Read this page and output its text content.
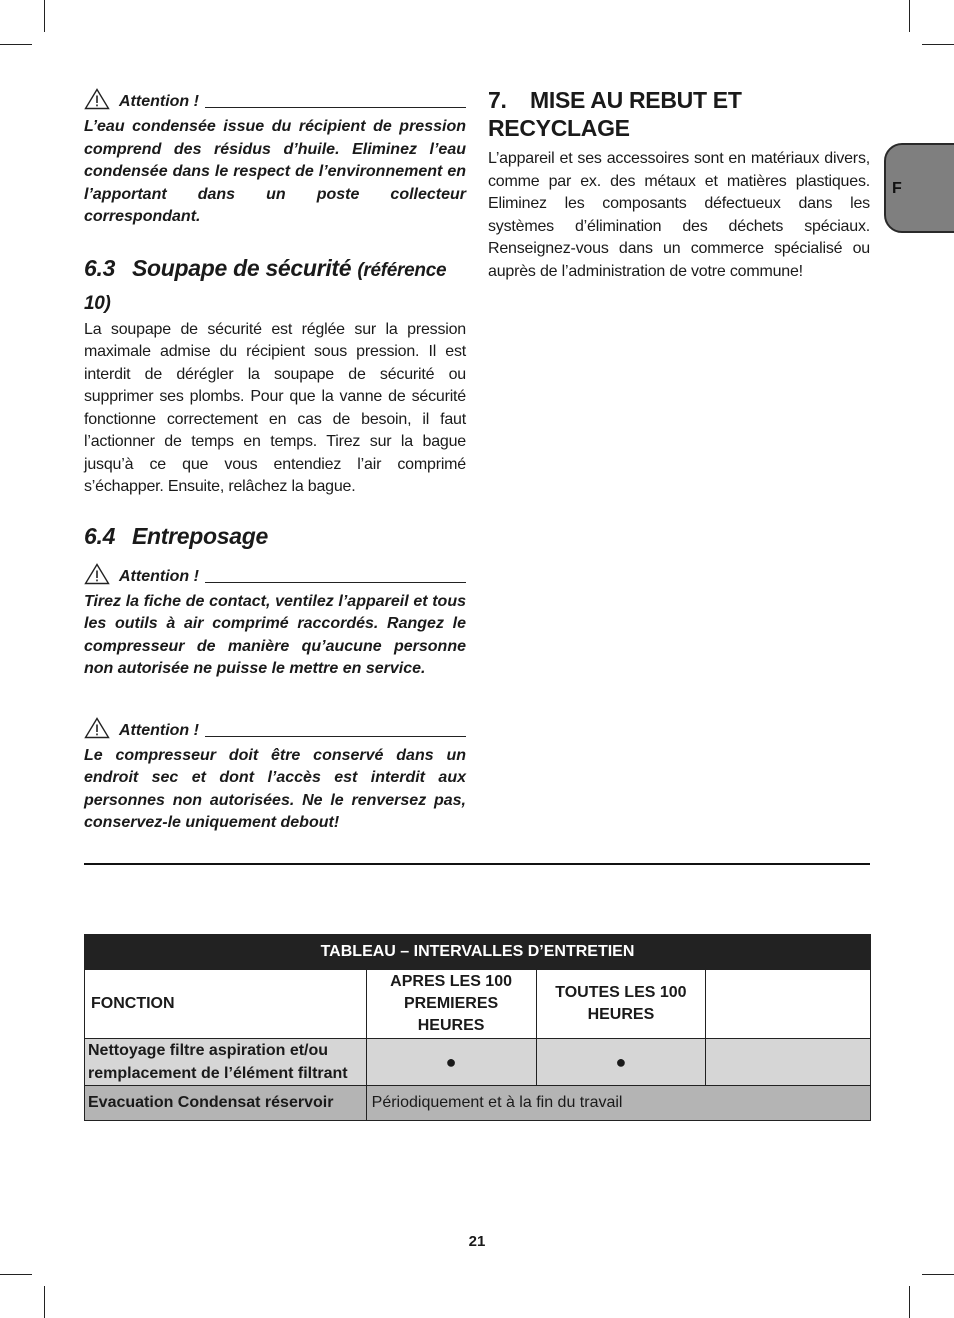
Attention !

L’eau condensée issue du récipient de pression comprend des résidus d’huile. Eliminez l’eau condensée dans le respect de l’environnement en l’apportant dans un poste collecteur correspondant.

6.3 Soupape de sécurité (référence 10)

La soupape de sécurité est réglée sur la pression maximale admise du récipient sous pression. Il est interdit de dérégler la soupape de sécurité ou supprimer ses plombs. Pour que la vanne de sécurité fonctionne correctement en cas de besoin, il faut l’actionner de temps en temps. Tirez sur la bague jusqu’à ce que vous entendiez l’air comprimé s’échapper. Ensuite, relâchez la bague.

6.4 Entreposage
Attention !

Tirez la fiche de contact, ventilez l’appareil et tous les outils à air comprimé raccordés. Rangez le compresseur de manière qu’aucune personne non autorisée ne puisse le mettre en service.

Attention !

Le compresseur doit être conservé dans un endroit sec et dont l’accès est interdit aux personnes non autorisées. Ne le renversez pas, conservez-le uniquement debout!

7. MISE AU REBUT ET RECYCLAGE

L’appareil et ses accessoires sont en matériaux divers, comme par ex. des métaux et matières plastiques. Eliminez les composants défectueux dans les systèmes d’élimination des déchets spéciaux. Renseignez-vous dans un commerce spécialisé ou auprès de l’administration de votre commune!

F
TABLEAU – INTERVALLES D’ENTRETIEN			
FONCTION	APRES LES 100 PREMIERES HEURES	TOUTES LES 100 HEURES	
Nettoyage filtre aspiration et/ou remplacement de l’élément filtrant	●	●	
Evacuation Condensat réservoir	Périodiquement et à la fin du travail		
21
